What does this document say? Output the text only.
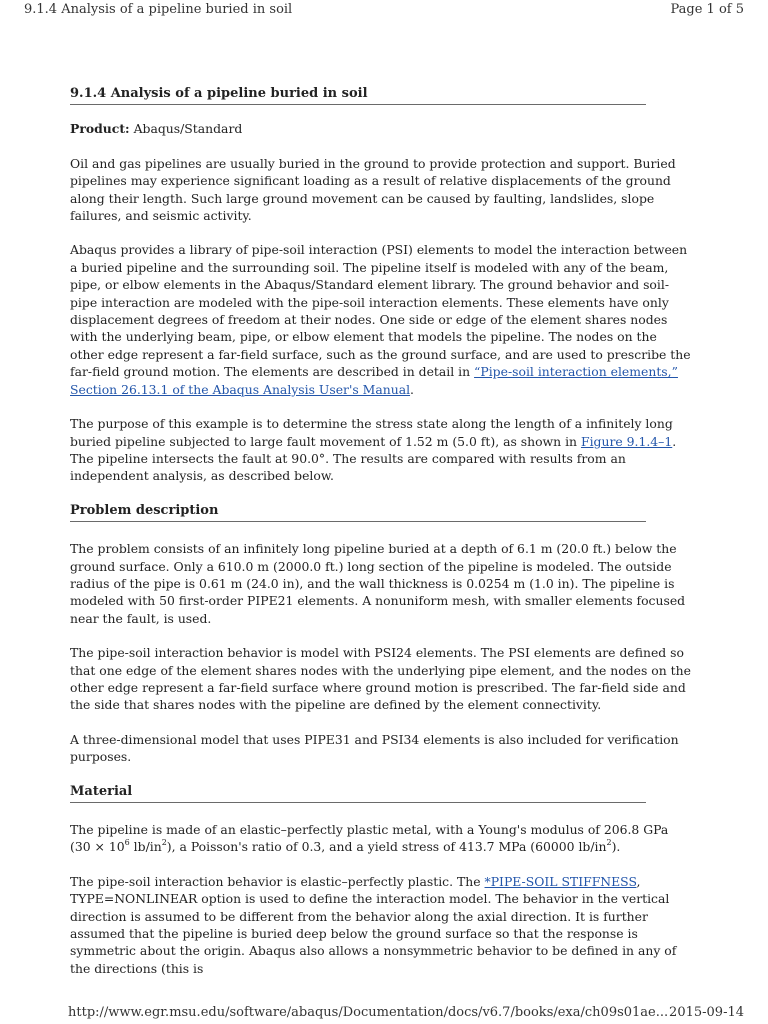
9.1.4 Analysis of a pipeline buried in soil	Page 1 of 5
9.1.4 Analysis of a pipeline buried in soil

Product: Abaqus/Standard

Oil and gas pipelines are usually buried in the ground to provide protection and support. Buried pipelines may experience significant loading as a result of relative displacements of the ground along their length. Such large ground movement can be caused by faulting, landslides, slope failures, and seismic activity.

Abaqus provides a library of pipe-soil interaction (PSI) elements to model the interaction between a buried pipeline and the surrounding soil. The pipeline itself is modeled with any of the beam, pipe, or elbow elements in the Abaqus/Standard element library. The ground behavior and soil-pipe interaction are modeled with the pipe-soil interaction elements. These elements have only displacement degrees of freedom at their nodes. One side or edge of the element shares nodes with the underlying beam, pipe, or elbow element that models the pipeline. The nodes on the other edge represent a far-field surface, such as the ground surface, and are used to prescribe the far-field ground motion. The elements are described in detail in “Pipe-soil interaction elements,” Section 26.13.1 of the Abaqus Analysis User's Manual.

The purpose of this example is to determine the stress state along the length of a infinitely long buried pipeline subjected to large fault movement of 1.52 m (5.0 ft), as shown in Figure 9.1.4–1. The pipeline intersects the fault at 90.0°. The results are compared with results from an independent analysis, as described below.

Problem description

The problem consists of an infinitely long pipeline buried at a depth of 6.1 m (20.0 ft.) below the ground surface. Only a 610.0 m (2000.0 ft.) long section of the pipeline is modeled. The outside radius of the pipe is 0.61 m (24.0 in), and the wall thickness is 0.0254 m (1.0 in). The pipeline is modeled with 50 first-order PIPE21 elements. A nonuniform mesh, with smaller elements focused near the fault, is used.

The pipe-soil interaction behavior is model with PSI24 elements. The PSI elements are defined so that one edge of the element shares nodes with the underlying pipe element, and the nodes on the other edge represent a far-field surface where ground motion is prescribed. The far-field side and the side that shares nodes with the pipeline are defined by the element connectivity.

A three-dimensional model that uses PIPE31 and PSI34 elements is also included for verification purposes.

Material

The pipeline is made of an elastic–perfectly plastic metal, with a Young's modulus of 206.8 GPa ($30 \times 10^6$ $lb/in^2$), a Poisson's ratio of 0.3, and a yield stress of 413.7 MPa (60000 $lb/in^2$).

The pipe-soil interaction behavior is elastic–perfectly plastic. The *PIPE-SOIL STIFFNESS, TYPE=NONLINEAR option is used to define the interaction model. The behavior in the vertical direction is assumed to be different from the behavior along the axial direction. It is further assumed that the pipeline is buried deep below the ground surface so that the response is symmetric about the origin. Abaqus also allows a nonsymmetric behavior to be defined in any of the directions (this is

http://www.egr.msu.edu/software/abaqus/Documentation/docs/v6.7/books/exa/ch09s01ae... 2015-09-14
